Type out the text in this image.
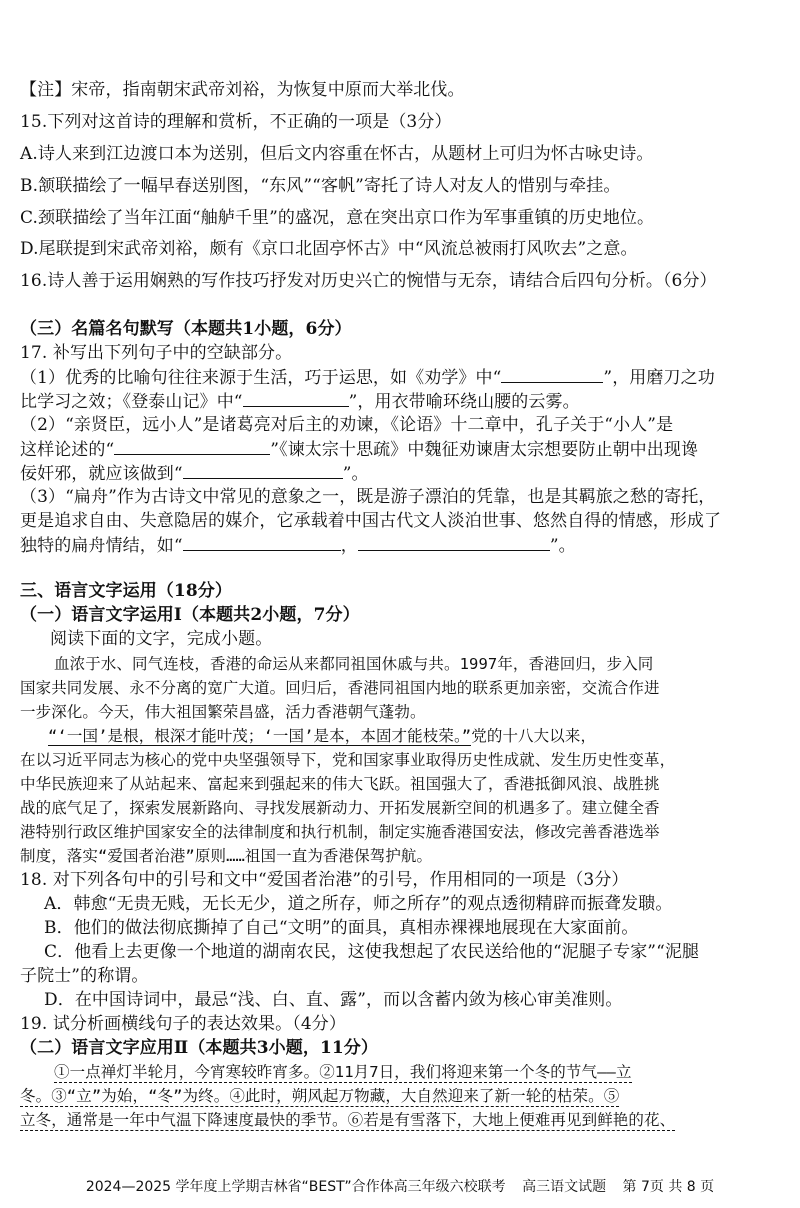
【注】宋帝，指南朝宋武帝刘裕，为恢复中原而大举北伐。
15.下列对这首诗的理解和赏析，不正确的一项是（3分）
A.诗人来到江边渡口本为送别，但后文内容重在怀古，从题材上可归为怀古咏史诗。
B.颔联描绘了一幅早春送别图，“东风”“客帆”寄托了诗人对友人的惜别与牵挂。
C.颈联描绘了当年江面“舳舻千里”的盛况，意在突出京口作为军事重镇的历史地位。
D.尾联提到宋武帝刘裕，颇有《京口北固亭怀古》中“风流总被雨打风吹去”之意。
16.诗人善于运用娴熟的写作技巧抒发对历史兴亡的惋惜与无奈，请结合后四句分析。（6分）
（三）名篇名句默写（本题共1小题，6分）
17. 补写出下列句子中的空缺部分。
（1）优秀的比喻句往往来源于生活，巧于运思，如《劝学》中“	”，用磨刀之功
比学习之效；《登泰山记》中“	”，用衣带喻环绕山腰的云雾。
（2）“亲贤臣，远小人”是诸葛亮对后主的劝谏，《论语》十二章中，孔子关于“小人”是
这样论述的“	”《谏太宗十思疏》中魏征劝谏唐太宗想要防止朝中出现谗
佞奸邪，就应该做到“	”。
（3）“扁舟”作为古诗文中常见的意象之一，既是游子漂泊的凭靠，也是其羁旅之愁的寄托，
更是追求自由、失意隐居的媒介，它承载着中国古代文人淡泊世事、悠然自得的情感，形成了
独特的扁舟情结，如“	，	”。
三、语言文字运用（18分）
（一）语言文字运用Ⅰ（本题共2小题，7分）
阅读下面的文字，完成小题。
血浓于水、同气连枝，香港的命运从来都同祖国休戚与共。1997年，香港回归，步入同
国家共同发展、永不分离的宽广大道。回归后，香港同祖国内地的联系更加亲密，交流合作进
一步深化。今天，伟大祖国繁荣昌盛，活力香港朝气蓬勃。
“‘一国’是根，根深才能叶茂；‘一国’是本，本固才能枝荣。”党的十八大以来，
在以习近平同志为核心的党中央坚强领导下，党和国家事业取得历史性成就、发生历史性变革，
中华民族迎来了从站起来、富起来到强起来的伟大飞跃。祖国强大了，香港抵御风浪、战胜挑
战的底气足了，探索发展新路向、寻找发展新动力、开拓发展新空间的机遇多了。建立健全香
港特别行政区维护国家安全的法律制度和执行机制，制定实施香港国安法，修改完善香港选举
制度，落实“爱国者治港”原则……祖国一直为香港保驾护航。
18. 对下列各句中的引号和文中“爱国者治港”的引号，作用相同的一项是（3分）
A．韩愈“无贵无贱，无长无少，道之所存，师之所存”的观点透彻精辟而振聋发聩。
B．他们的做法彻底撕掉了自己“文明”的面具，真相赤裸裸地展现在大家面前。
C．他看上去更像一个地道的湖南农民，这使我想起了农民送给他的“泥腿子专家”“泥腿
子院士”的称谓。
D．在中国诗词中，最忌“浅、白、直、露”，而以含蓄内敛为核心审美准则。
19. 试分析画横线句子的表达效果。（4分）
（二）语言文字应用Ⅱ（本题共3小题，11分）
①一点禅灯半轮月，今宵寒较昨宵多。②11月7日，我们将迎来第一个冬的节气——立
冬。③“立”为始，“冬”为终。④此时，朔风起万物藏，大自然迎来了新一轮的枯荣。⑤
立冬，通常是一年中气温下降速度最快的季节。⑥若是有雪落下，大地上便难再见到鲜艳的花、
2024—2025 学年度上学期吉林省“BEST”合作体高三年级六校联考 高三语文试题 第 7页 共 8 页
